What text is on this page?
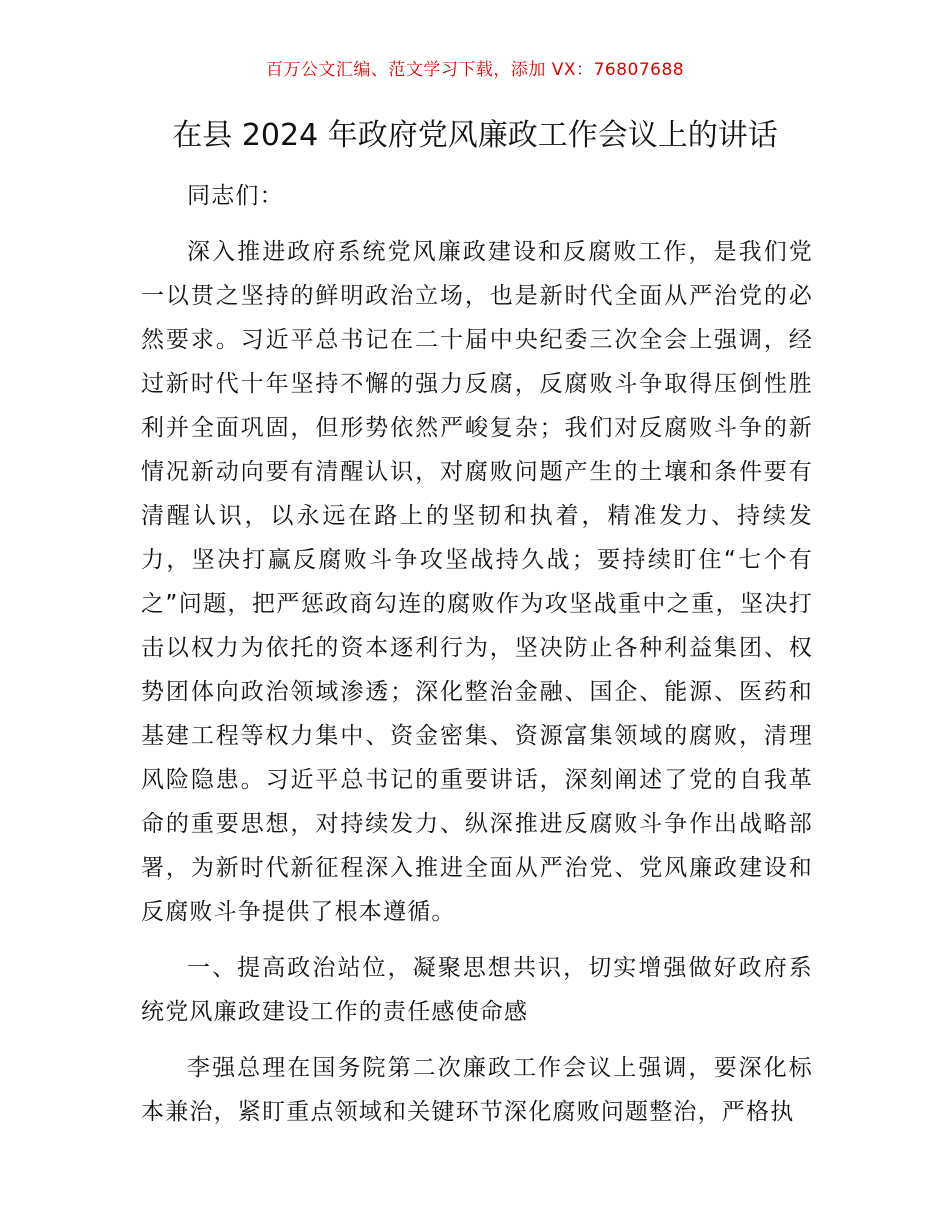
百万公文汇编、范文学习下载，添加 VX：76807688
在县 2024 年政府党风廉政工作会议上的讲话

同志们：

深入推进政府系统党风廉政建设和反腐败工作，是我们党一以贯之坚持的鲜明政治立场，也是新时代全面从严治党的必然要求。习近平总书记在二十届中央纪委三次全会上强调，经过新时代十年坚持不懈的强力反腐，反腐败斗争取得压倒性胜利并全面巩固，但形势依然严峻复杂；我们对反腐败斗争的新情况新动向要有清醒认识，对腐败问题产生的土壤和条件要有清醒认识，以永远在路上的坚韧和执着，精准发力、持续发力，坚决打赢反腐败斗争攻坚战持久战；要持续盯住“七个有之”问题，把严惩政商勾连的腐败作为攻坚战重中之重，坚决打击以权力为依托的资本逐利行为，坚决防止各种利益集团、权势团体向政治领域渗透；深化整治金融、国企、能源、医药和基建工程等权力集中、资金密集、资源富集领域的腐败，清理风险隐患。习近平总书记的重要讲话，深刻阐述了党的自我革命的重要思想，对持续发力、纵深推进反腐败斗争作出战略部署，为新时代新征程深入推进全面从严治党、党风廉政建设和反腐败斗争提供了根本遵循。

一、提高政治站位，凝聚思想共识，切实增强做好政府系统党风廉政建设工作的责任感使命感

李强总理在国务院第二次廉政工作会议上强调，要深化标本兼治，紧盯重点领域和关键环节深化腐败问题整治，严格执
